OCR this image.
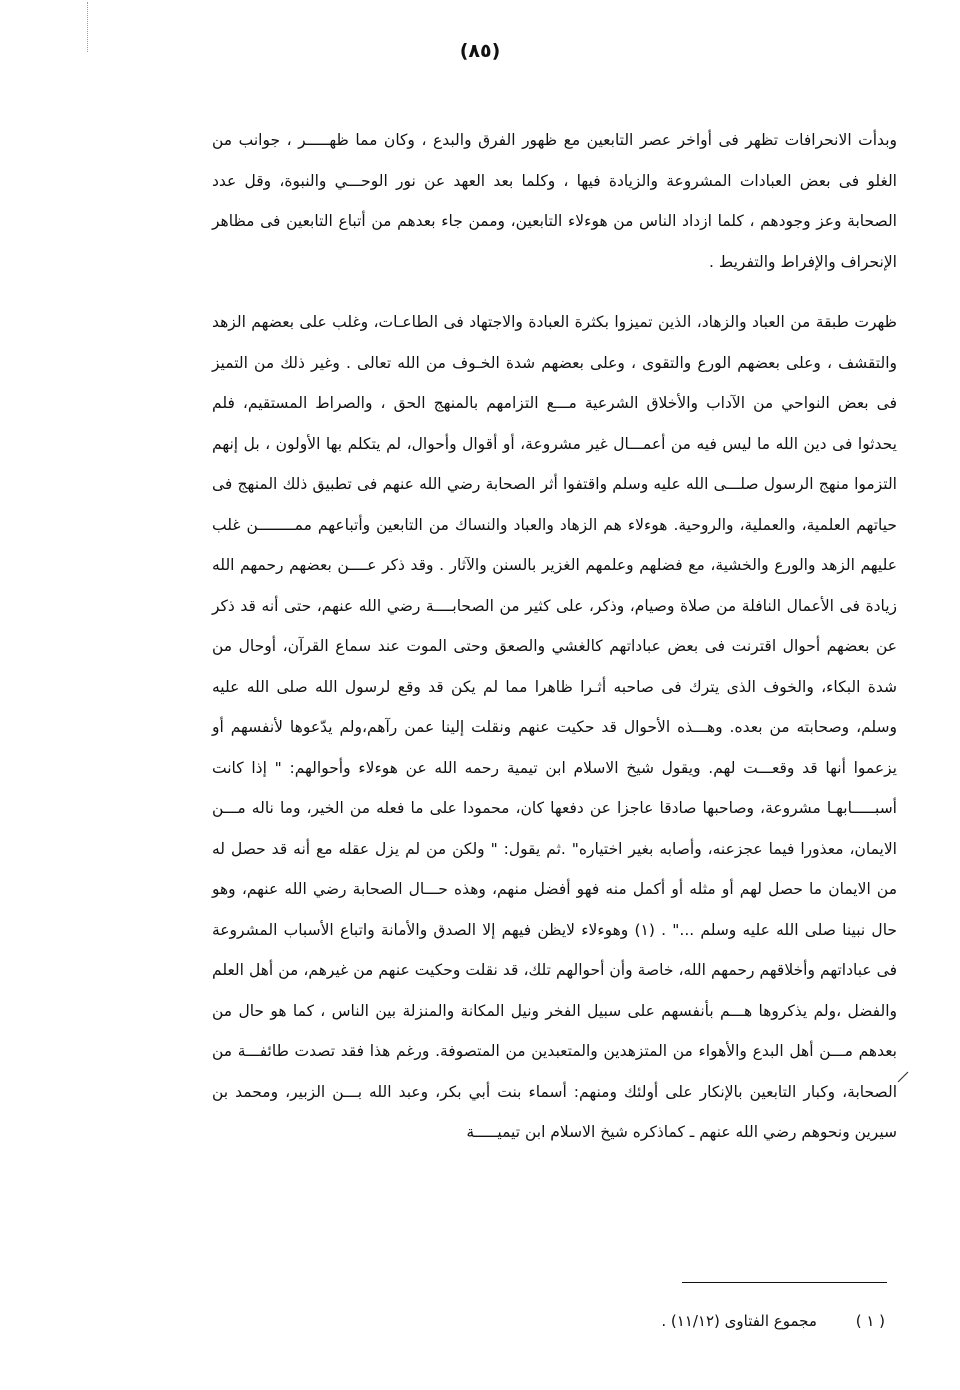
(٨٥)

وبدأت الانحرافات تظهر فى أواخر عصر التابعين مع ظهور الفرق والبدع ، وكان مما ظهـــــر ، جوانب من الغلو فى بعض العبادات المشروعة والزيادة فيها ، وكلما بعد العهد عن نور الوحـــي والنبوة، وقل عدد الصحابة وعز وجودهم ، كلما ازداد الناس من هوءلاء التابعين، وممن جاء بعدهم من أتباع التابعين فى مظاهر الإنحراف والإفراط والتفريط .

ظهرت طبقة من العباد والزهاد، الذين تميزوا بكثرة العبادة والاجتهاد فى الطاعـات، وغلب على بعضهم الزهد والتقشف ، وعلى بعضهم الورع والتقوى ، وعلى بعضهم شدة الخـوف من الله تعالى . وغير ذلك من التميز فى بعض النواحي من الآداب والأخلاق الشرعية مـــع التزامهم بالمنهج الحق ، والصراط المستقيم، فلم يحدثوا فى دين الله ما ليس فيه من أعمـــال غير مشروعة، أو أقوال وأحوال، لم يتكلم بها الأولون ، بل إنهم التزموا منهج الرسول صلـــى الله عليه وسلم واقتفوا أثر الصحابة رضي الله عنهم فى تطبيق ذلك المنهج فى حياتهم العلمية، والعملية، والروحية. هوءلاء هم الزهاد والعباد والنساك من التابعين وأتباعهم ممــــــــن غلب عليهم الزهد والورع والخشية، مع فضلهم وعلمهم الغزير بالسنن والآثار . وقد ذكر عــــن بعضهم رحمهم الله زيادة فى الأعمال النافلة من صلاة وصيام، وذكر، على كثير من الصحابــــة رضي الله عنهم، حتى أنه قد ذكر عن بعضهم أحوال اقترنت فى بعض عباداتهم كالغشي والصعق وحتى الموت عند سماع القرآن، أوحال من شدة البكاء، والخوف الذى يترك فى صاحبه أثـرا ظاهرا مما لم يكن قد وقع لرسول الله صلى الله عليه وسلم، وصحابته من بعده. وهـــذه الأحوال قد حكيت عنهم ونقلت إلينا عمن رآهم،ولم يدّعوها لأنفسهم أو يزعموا أنها قد وقعـــت لهم. ويقول شيخ الاسلام ابن تيمية رحمه الله عن هوءلاء وأحوالهم: " إذا كانت أسبـــــابهـا مشروعة، وصاحبها صادقا عاجزا عن دفعها كان، محمودا على ما فعله من الخير، وما ناله مـــن الايمان، معذورا فيما عجزعنه، وأصابه بغير اختياره" .ثم يقول: " ولكن من لم يزل عقله مع أنه قد حصل له من الايمان ما حصل لهم أو مثله أو أكمل منه فهو أفضل منهم، وهذه حـــال الصحابة رضي الله عنهم، وهو حال نبينا صلى الله عليه وسلم ..." . (١) وهوءلاء لايظن فيهم إلا الصدق والأمانة واتباع الأسباب المشروعة فى عباداتهم وأخلاقهم رحمهم الله، خاصة وأن أحوالهم تلك، قد نقلت وحكيت عنهم من غيرهم، من أهل العلم والفضل ،ولم يذكروها هـــم بأنفسهم على سبيل الفخر ونيل المكانة والمنزلة بين الناس ، كما هو حال من بعدهم مـــن أهل البدع والأهواء من المتزهدين والمتعبدين من المتصوفة. ورغم هذا فقد تصدت طائفـــة من الصحابة، وكبار التابعين بالإنكار على أولئك ومنهم: أسماء بنت أبي بكر، وعبد الله بـــن الزبير، ومحمد بن سيرين ونحوهم رضي الله عنهم ـ كماذكره شيخ الاسلام ابن تيميـــــة

( ١ ) مجموع الفتاوى (١١/١٢) .
